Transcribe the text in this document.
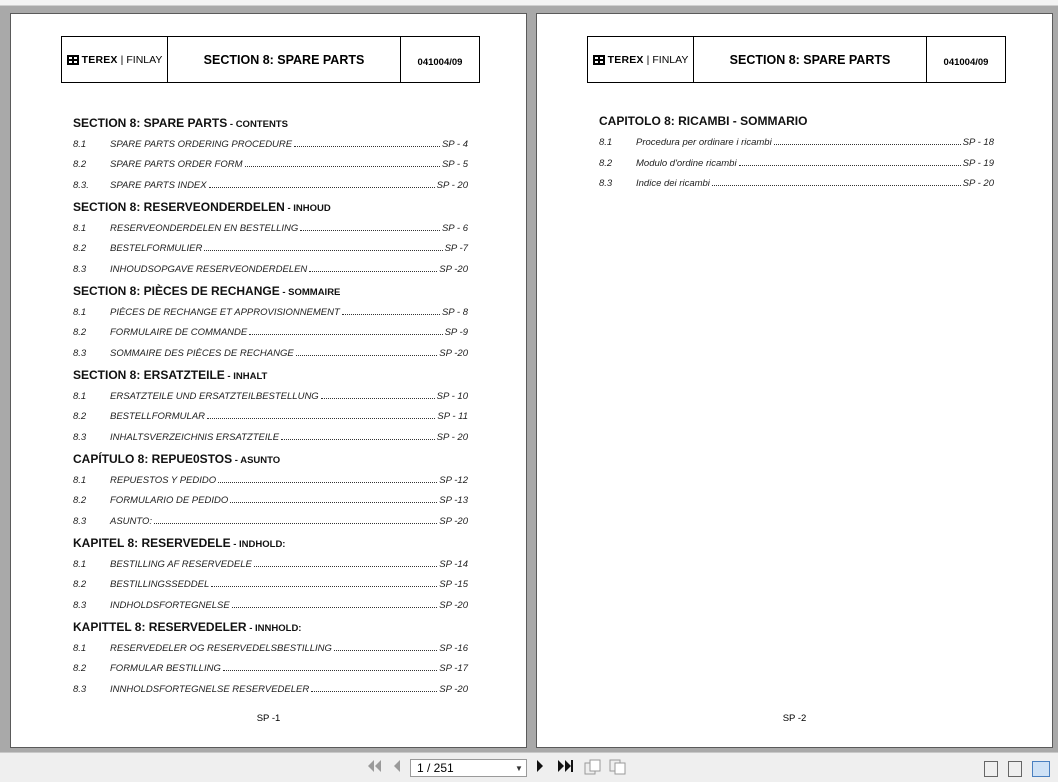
TEREX | FINLAY	SECTION 8: SPARE PARTS	041004/09
SECTION 8: SPARE PARTS - CONTENTS
8.1	SPARE PARTS ORDERING PROCEDURE	SP - 4
8.2	SPARE PARTS ORDER FORM	SP - 5
8.3.	SPARE PARTS INDEX	SP - 20
SECTION 8: RESERVEONDERDELEN - INHOUD
8.1	RESERVEONDERDELEN EN BESTELLING	SP - 6
8.2	BESTELFORMULIER	SP -7
8.3	INHOUDSOPGAVE RESERVEONDERDELEN	SP -20
SECTION 8: PIÈCES DE RECHANGE - SOMMAIRE
8.1	PIÈCES DE RECHANGE ET APPROVISIONNEMENT	SP - 8
8.2	FORMULAIRE DE COMMANDE	SP -9
8.3	SOMMAIRE DES PIÈCES DE RECHANGE	SP -20
SECTION 8: ERSATZTEILE - INHALT
8.1	ERSATZTEILE UND ERSATZTEILBESTELLUNG	SP - 10
8.2	BESTELLFORMULAR	SP - 11
8.3	INHALTSVERZEICHNIS ERSATZTEILE	SP - 20
CAPÍTULO 8: REPUE0STOS - ASUNTO
8.1	REPUESTOS Y PEDIDO	SP -12
8.2	FORMULARIO DE PEDIDO	SP -13
8.3	ASUNTO:	SP -20
KAPITEL 8: RESERVEDELE - INDHOLD:
8.1	BESTILLING AF RESERVEDELE	SP -14
8.2	BESTILLINGSSEDDEL	SP -15
8.3	INDHOLDSFORTEGNELSE	SP -20
KAPITTEL 8: RESERVEDELER - INNHOLD:
8.1	RESERVEDELER OG RESERVEDELSBESTILLING	SP -16
8.2	FORMULAR BESTILLING	SP -17
8.3	INNHOLDSFORTEGNELSE RESERVEDELER	SP -20
SP -1
TEREX | FINLAY	SECTION 8: SPARE PARTS	041004/09
CAPITOLO 8: RICAMBI - SOMMARIO
8.1	Procedura per ordinare i ricambi	SP - 18
8.2	Modulo d'ordine ricambi	SP - 19
8.3	Indice dei ricambi	SP - 20
SP -2
1 / 251	▼
